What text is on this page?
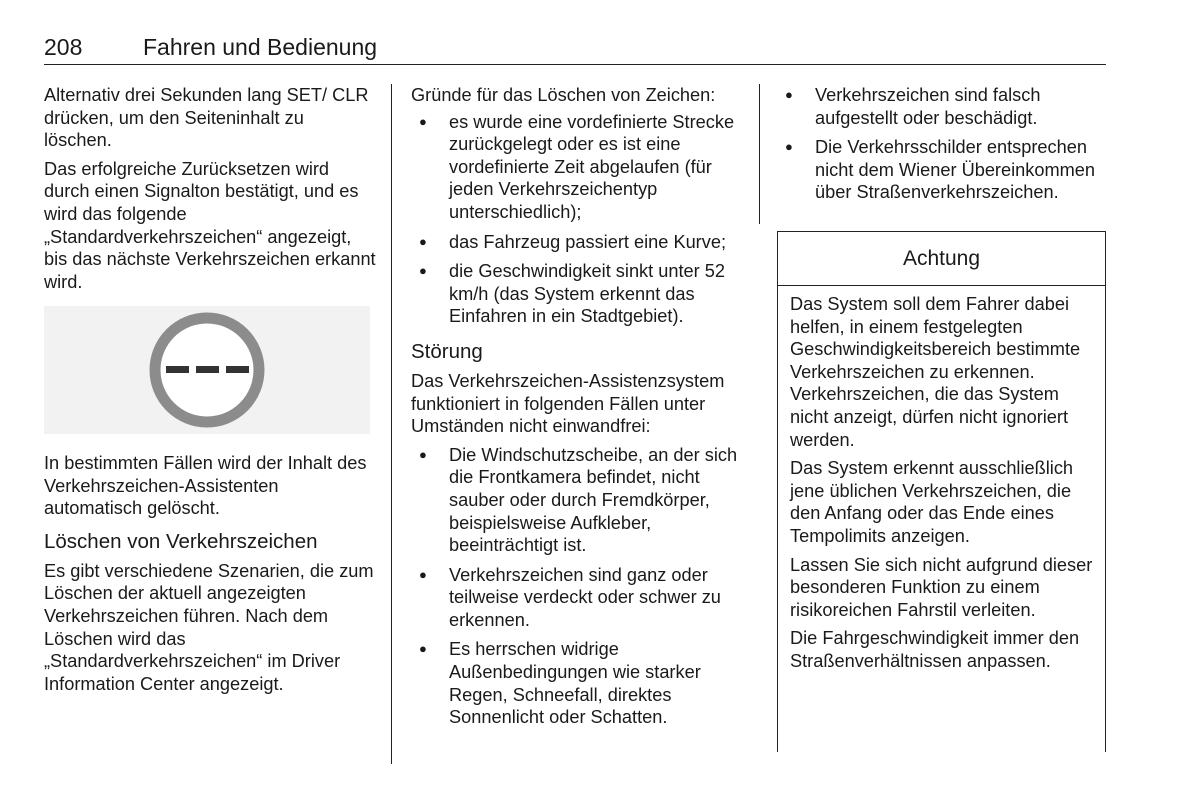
208	Fahren und Bedienung

Alternativ drei Sekunden lang SET/ CLR drücken, um den Seiteninhalt zu löschen.

Das erfolgreiche Zurücksetzen wird durch einen Signalton bestätigt, und es wird das folgende „Standardverkehrszeichen“ angezeigt, bis das nächste Verkehrszeichen erkannt wird.

In bestimmten Fällen wird der Inhalt des Verkehrszeichen-Assistenten automatisch gelöscht.

Löschen von Verkehrszeichen

Es gibt verschiedene Szenarien, die zum Löschen der aktuell angezeigten Verkehrszeichen führen. Nach dem Löschen wird das „Standardverkehrszeichen“ im Driver Information Center angezeigt.

Gründe für das Löschen von Zeichen:

● es wurde eine vordefinierte Strecke zurückgelegt oder es ist eine vordefinierte Zeit abgelaufen (für jeden Verkehrszeichentyp unterschiedlich);
● das Fahrzeug passiert eine Kurve;
● die Geschwindigkeit sinkt unter 52 km/h (das System erkennt das Einfahren in ein Stadtgebiet).
Störung

Das Verkehrszeichen-Assistenzsystem funktioniert in folgenden Fällen unter Umständen nicht einwandfrei:

● Die Windschutzscheibe, an der sich die Frontkamera befindet, nicht sauber oder durch Fremdkörper, beispielsweise Aufkleber, beeinträchtigt ist.
● Verkehrszeichen sind ganz oder teilweise verdeckt oder schwer zu erkennen.
● Es herrschen widrige Außenbedingungen wie starker Regen, Schneefall, direktes Sonnenlicht oder Schatten.
● Verkehrszeichen sind falsch aufgestellt oder beschädigt.
● Die Verkehrsschilder entsprechen nicht dem Wiener Übereinkommen über Straßenverkehrszeichen.
Achtung

Das System soll dem Fahrer dabei helfen, in einem festgelegten Geschwindigkeitsbereich bestimmte Verkehrszeichen zu erkennen. Verkehrszeichen, die das System nicht anzeigt, dürfen nicht ignoriert werden.

Das System erkennt ausschließlich jene üblichen Verkehrszeichen, die den Anfang oder das Ende eines Tempolimits anzeigen.

Lassen Sie sich nicht aufgrund dieser besonderen Funktion zu einem risikoreichen Fahrstil verleiten.

Die Fahrgeschwindigkeit immer den Straßenverhältnissen anpassen.
